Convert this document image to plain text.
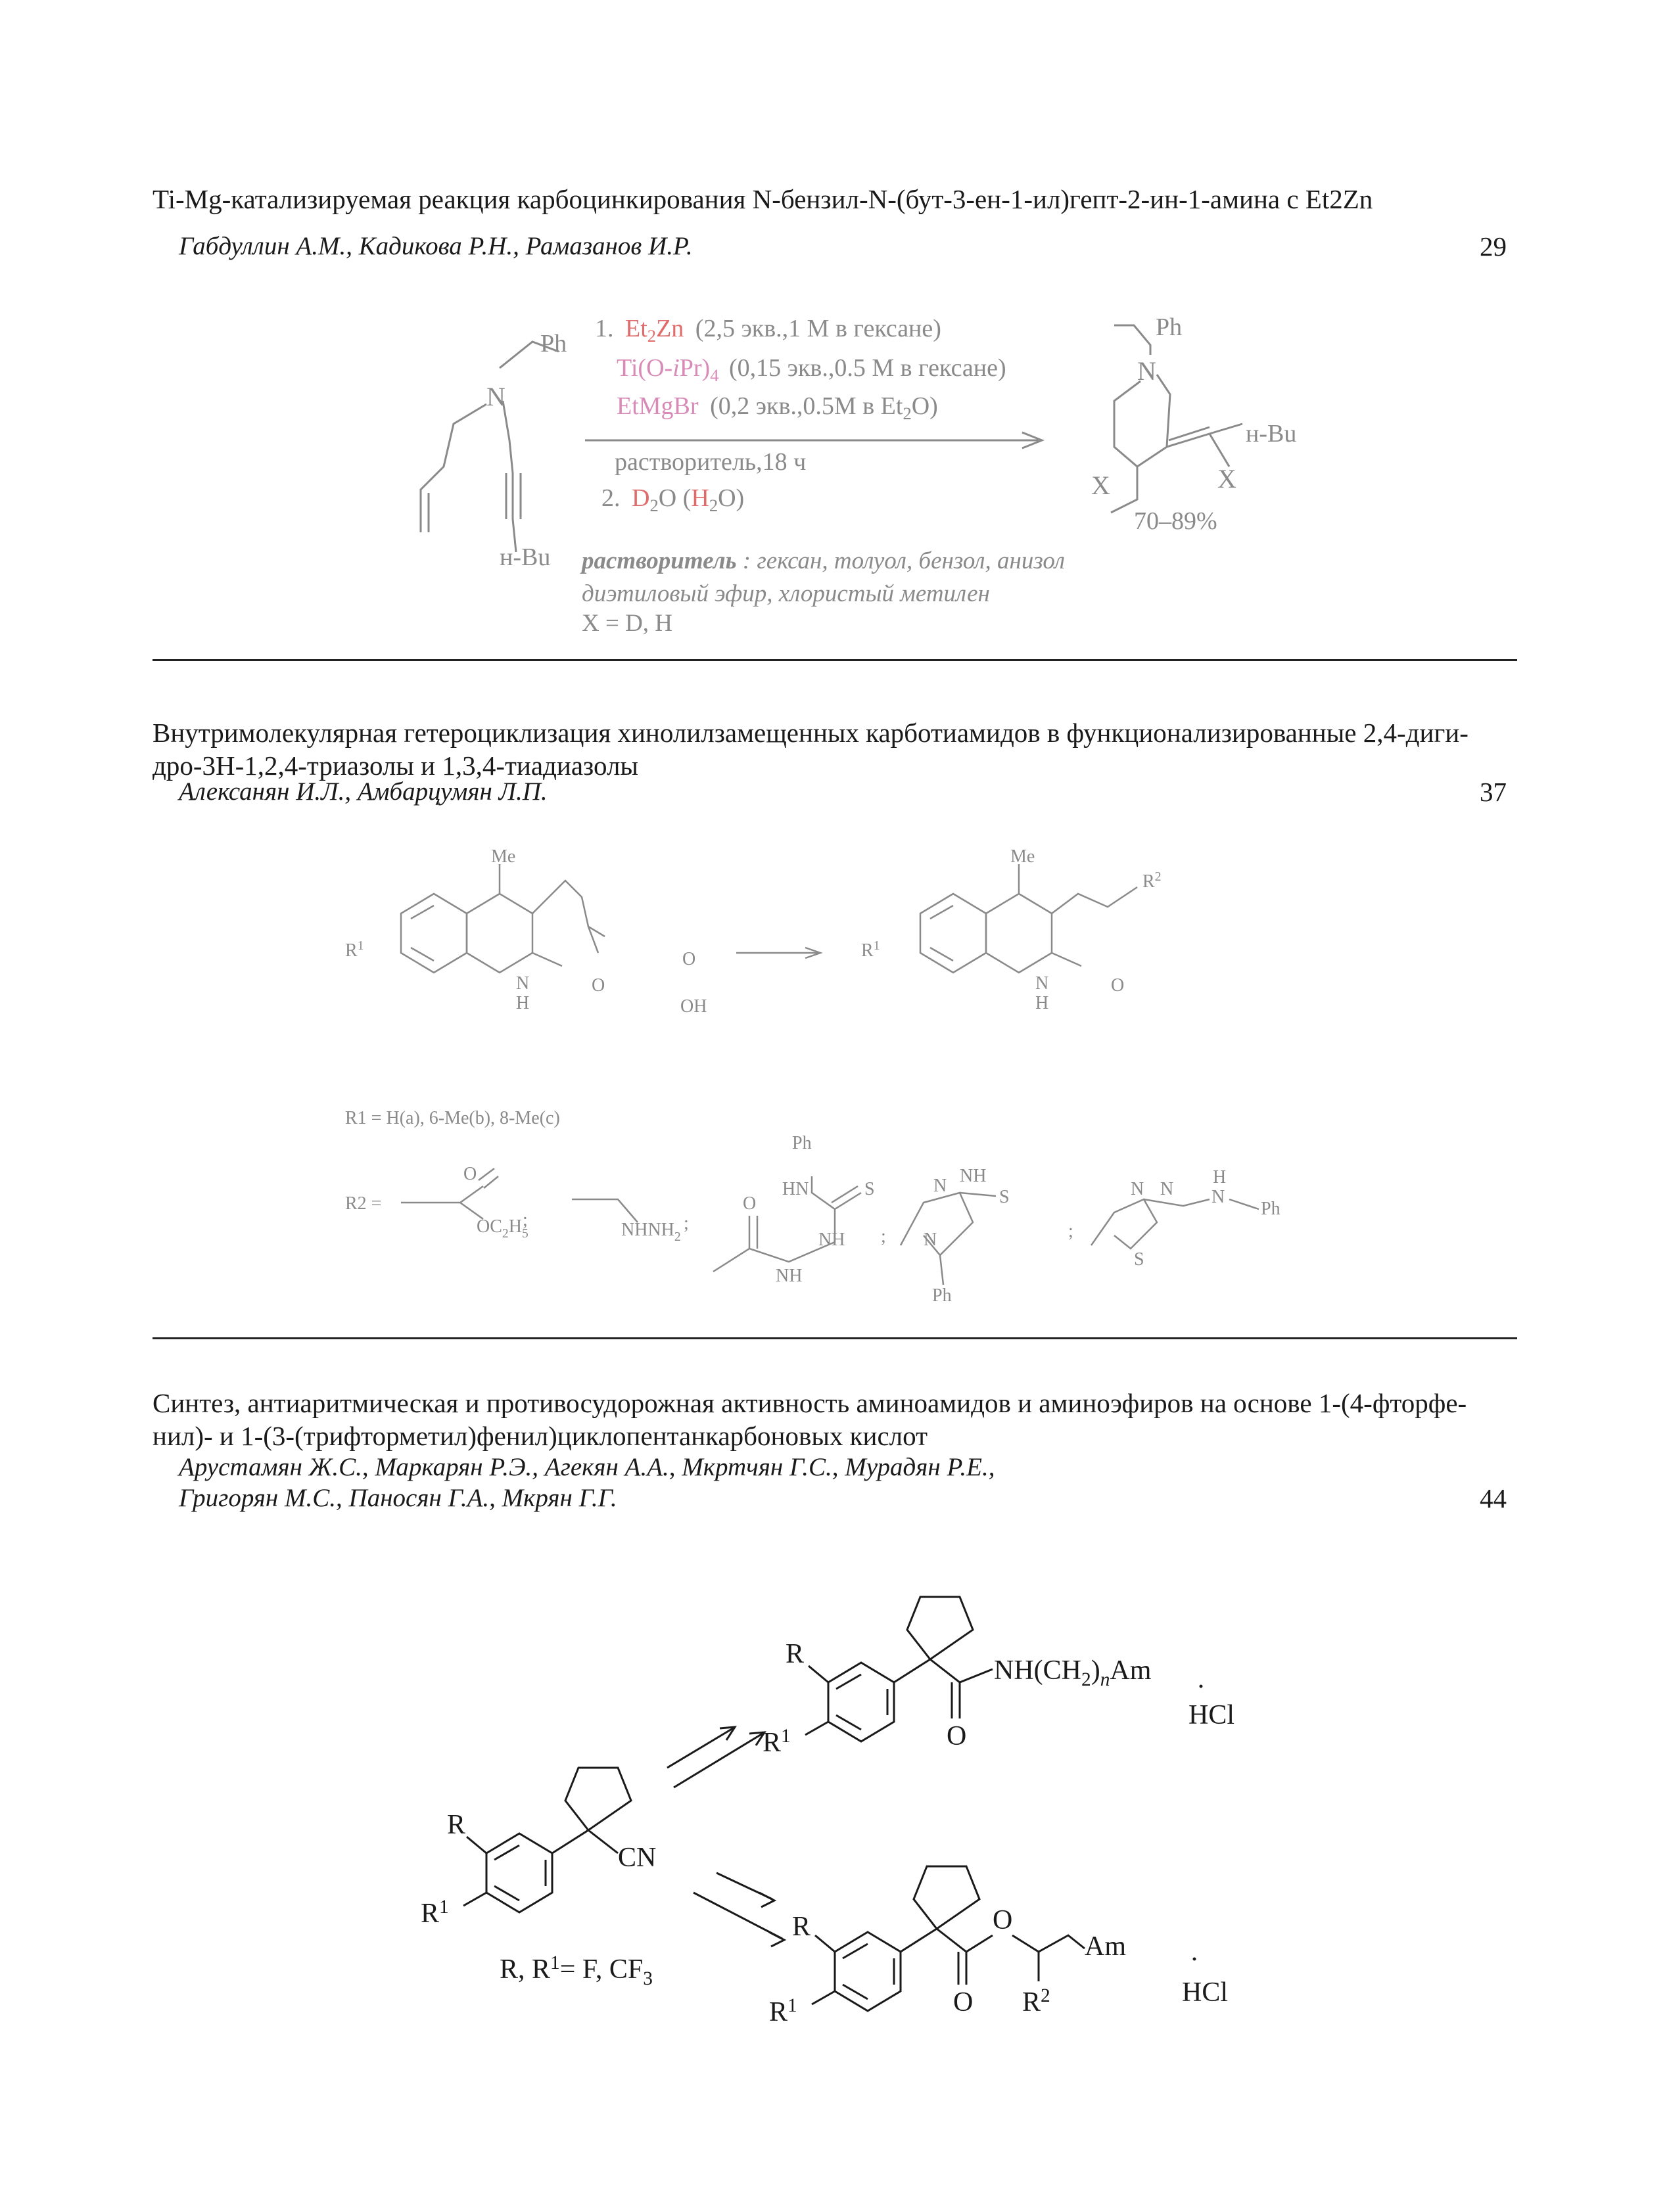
Ti-Mg-катализируемая реакция карбоцинкирования N-бензил-N-(бут-3-ен-1-ил)гепт-2-ин-1-амина с Et2Zn

Габдуллин А.М., Кадикова Р.Н., Рамазанов И.Р.	29
N
Ph
н-Bu
1. $Et_2Zn$ (2,5 экв.,1 М в гексане)
$Ti(O-iPr)_4$ (0,15 экв.,0.5 М в гексане)
EtMgBr (0,2 экв.,0.5М в $Et_2O$)
растворитель,18 ч
2. $D_2O$ $(H_2O)$
N
Ph
н-Bu
X
X
70–89%
растворитель : гексан, толуол, бензол, анизол
диэтиловый эфир, хлористый метилен
X = D, H

Внутримолекулярная гетероциклизация хинолилзамещенных карботиамидов в функционализированные 2,4-диги-
дро-3H-1,2,4-триазолы и 1,3,4-тиадиазолы

Алексанян И.Л., Амбарцумян Л.П.	37
Me
$R^1$
N
H
O
O
OH
Me
$R^1$
N
H
O
$R^2$
R1 = H(a), 6-Me(b), 8-Me(c)
R2 =
O
$OC_2H_5$
;	$NHNH_2$
;
Ph
HN	S
O
NH
NH
;
N NH
S
N
Ph
;
N N
S
H
N
Ph

Синтез, антиаритмическая и противосудорожная активность аминоамидов и аминоэфиров на основе 1-(4-фторфе-
нил)- и 1-(3-(трифторметил)фенил)циклопентанкарбоновых кислот

Арустамян Ж.С., Маркарян Р.Э., Агекян А.А., Мкртчян Г.С., Мурадян Р.Е.,
Григорян М.С., Паносян Г.А., Мкрян Г.Г.	44
R
$R^1$
CN
R, $R^1= F$, $CF_3$
R
$R^1$
$NH(CH_2)_nAm$
·
HCl
O
R
$R^1$
O
O
Am ·
$R^2$	HCl
